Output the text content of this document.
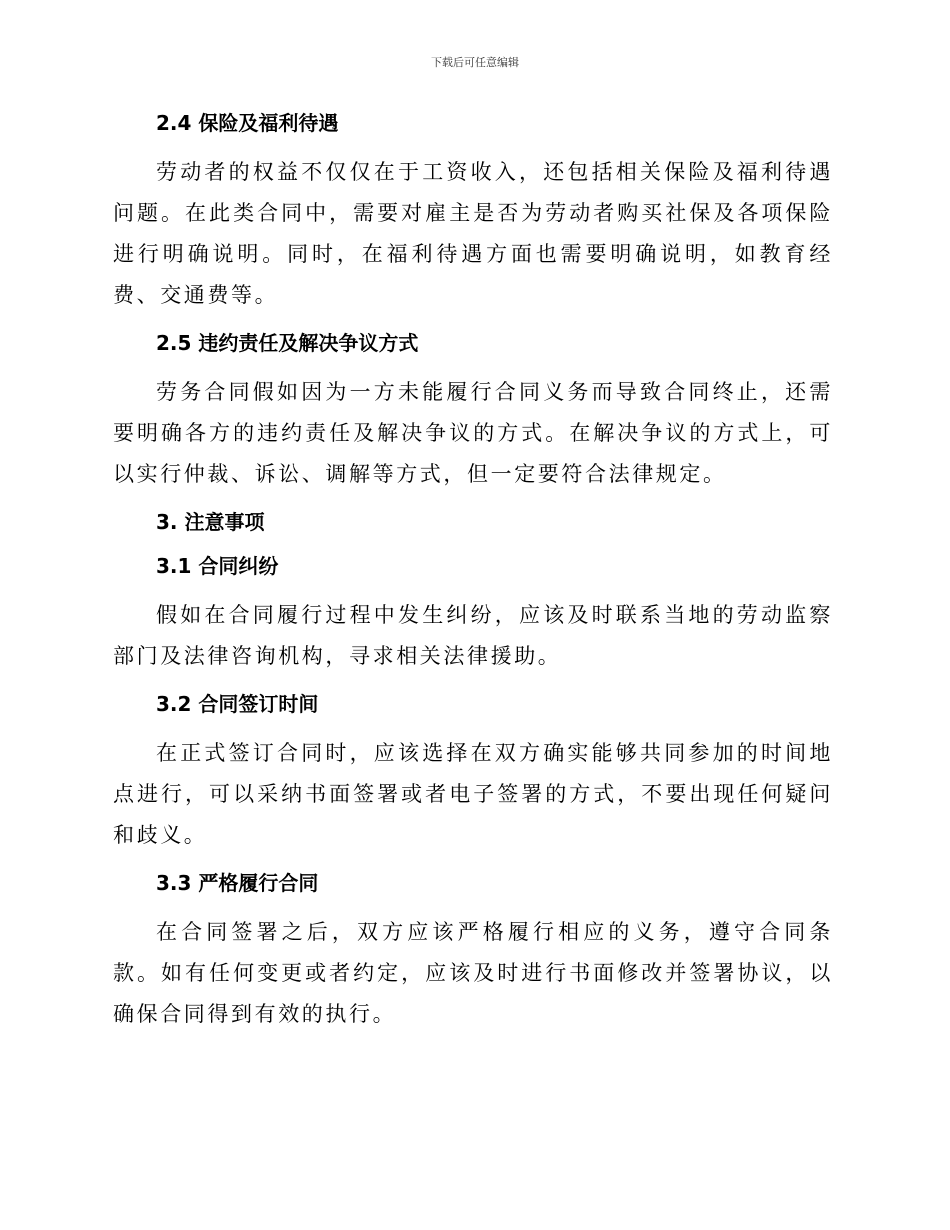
下载后可任意编辑

2.4 保险及福利待遇

劳动者的权益不仅仅在于工资收入，还包括相关保险及福利待遇问题。在此类合同中，需要对雇主是否为劳动者购买社保及各项保险进行明确说明。同时，在福利待遇方面也需要明确说明，如教育经费、交通费等。

2.5 违约责任及解决争议方式

劳务合同假如因为一方未能履行合同义务而导致合同终止，还需要明确各方的违约责任及解决争议的方式。在解决争议的方式上，可以实行仲裁、诉讼、调解等方式，但一定要符合法律规定。

3. 注意事项

3.1 合同纠纷

假如在合同履行过程中发生纠纷，应该及时联系当地的劳动监察部门及法律咨询机构，寻求相关法律援助。

3.2 合同签订时间

在正式签订合同时，应该选择在双方确实能够共同参加的时间地点进行，可以采纳书面签署或者电子签署的方式，不要出现任何疑问和歧义。

3.3 严格履行合同

在合同签署之后，双方应该严格履行相应的义务，遵守合同条款。如有任何变更或者约定，应该及时进行书面修改并签署协议，以确保合同得到有效的执行。
